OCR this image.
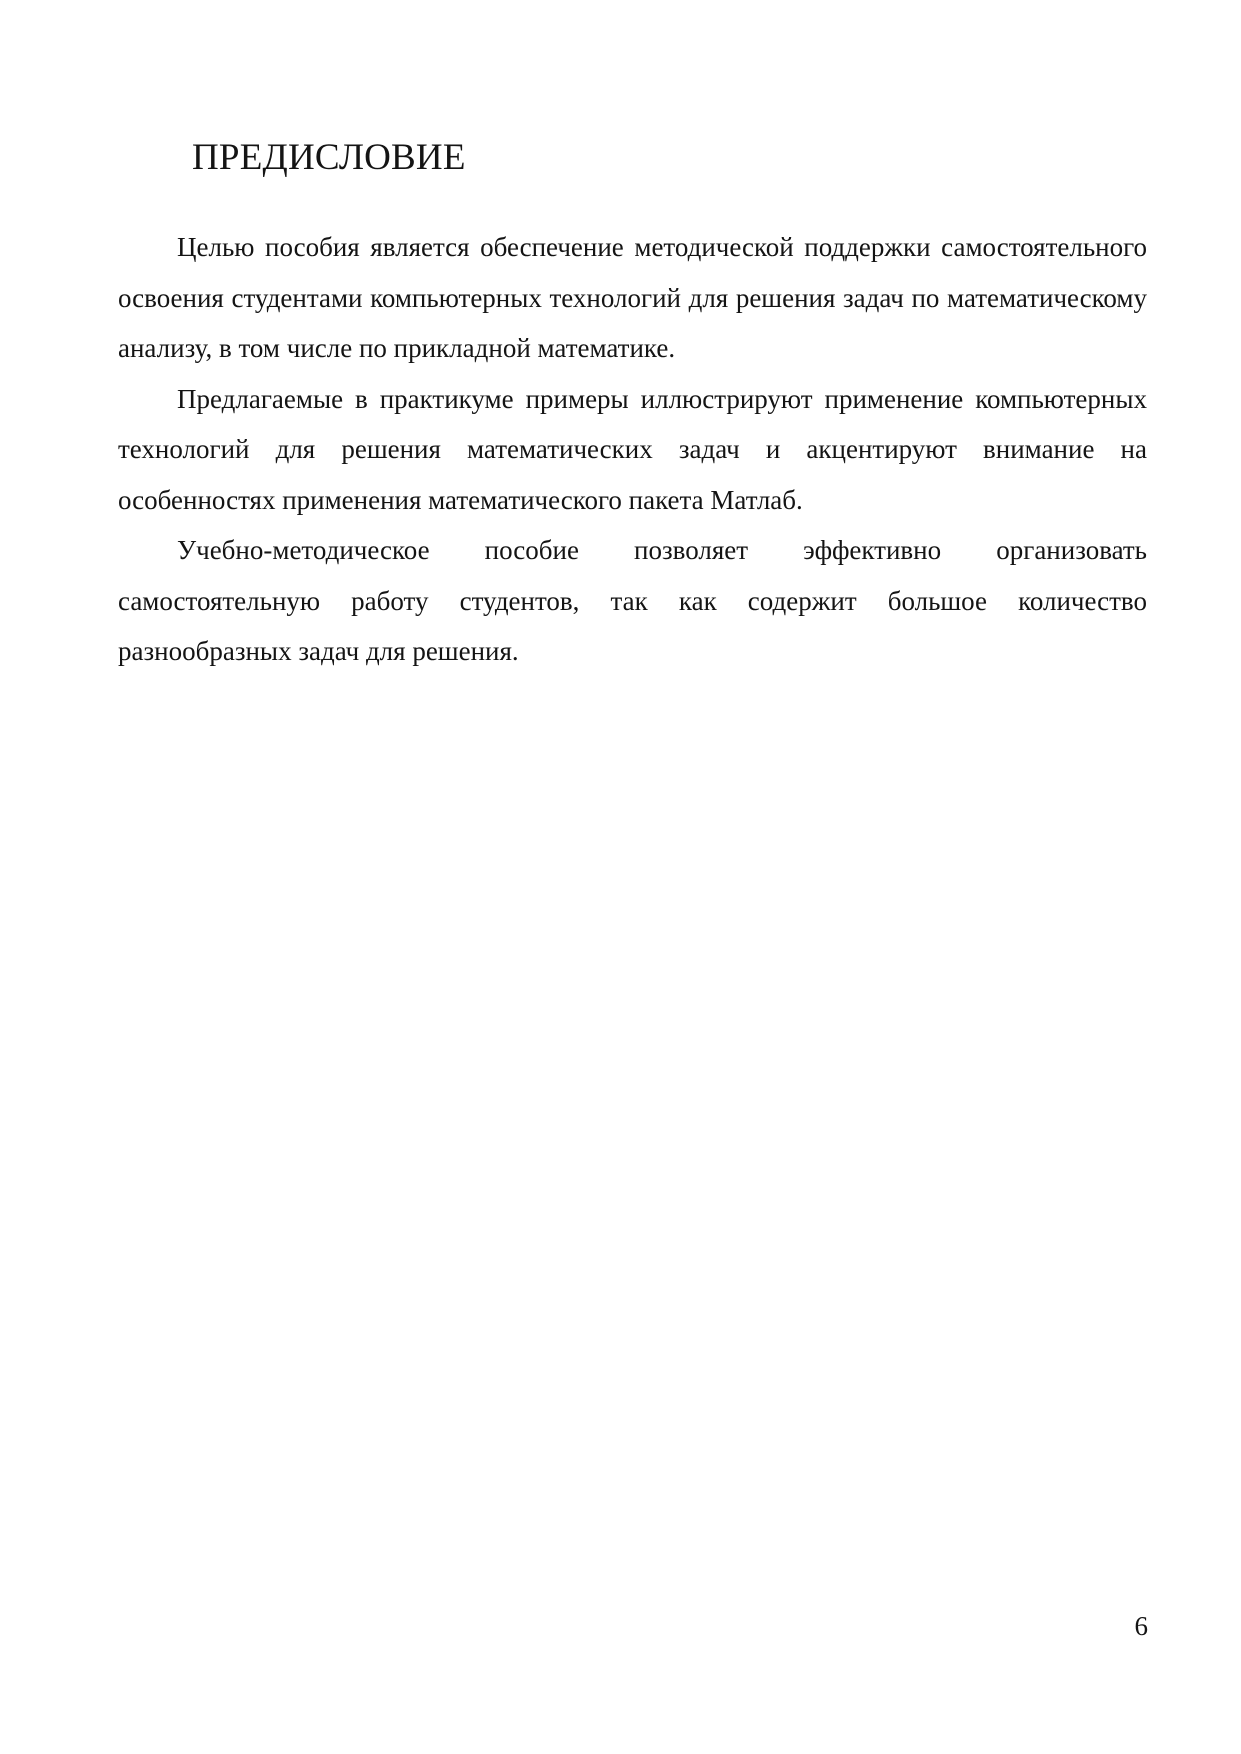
ПРЕДИСЛОВИЕ

Целью пособия является обеспечение методической поддержки самостоятельного освоения студентами компьютерных технологий для решения задач по математическому анализу, в том числе по прикладной математике.

Предлагаемые в практикуме примеры иллюстрируют применение компьютерных технологий для решения математических задач и акцентируют внимание на особенностях применения математического пакета Матлаб.

Учебно-методическое пособие позволяет эффективно организовать самостоятельную работу студентов, так как содержит большое количество разнообразных задач для решения.

6
